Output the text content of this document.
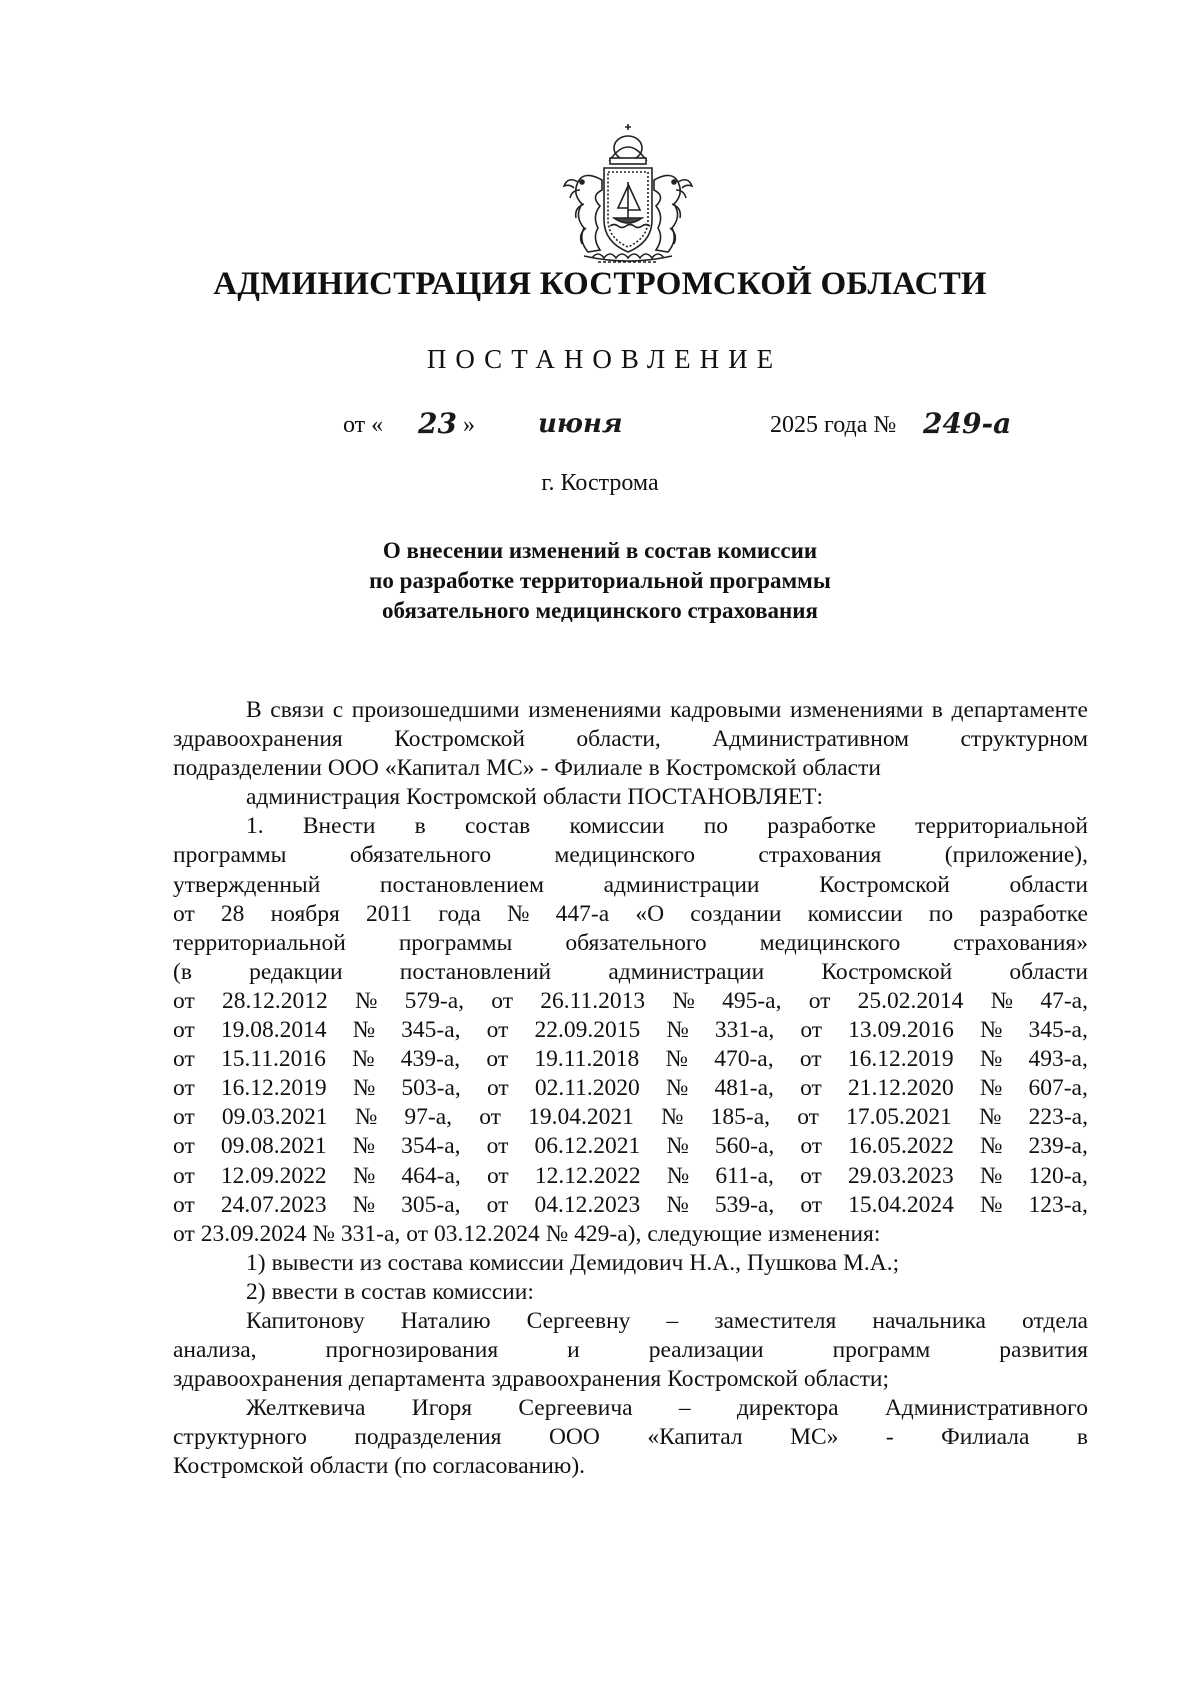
АДМИНИСТРАЦИЯ КОСТРОМСКОЙ ОБЛАСТИ
ПОСТАНОВЛЕНИЕ
от « 23 » июня	2025 года № 249-а
г. Кострома
О внесении изменений в состав комиссии
по разработке территориальной программы
обязательного медицинского страхования
В связи с произошедшими изменениями кадровыми изменениями в департаменте
здравоохранения Костромской области, Административном структурном
подразделении ООО «Капитал МС» - Филиале в Костромской области
администрация Костромской области ПОСТАНОВЛЯЕТ:
1. Внести в состав комиссии по разработке территориальной
программы	обязательного	медицинского	страхования	(приложение),
утвержденный	постановлением	администрации	Костромской	области
от 28 ноября 2011 года № 447-а «О создании комиссии по разработке
территориальной программы обязательного медицинского страхования»
(в редакции постановлений администрации Костромской области
от 28.12.2012 № 579-а, от 26.11.2013 № 495-а, от 25.02.2014 № 47-а,
от 19.08.2014 № 345-а, от 22.09.2015 № 331-а, от 13.09.2016 № 345-а,
от 15.11.2016 № 439-а, от 19.11.2018 № 470-а, от 16.12.2019 № 493-а,
от 16.12.2019 № 503-а, от 02.11.2020 № 481-а, от 21.12.2020 № 607-а,
от 09.03.2021 № 97-а, от 19.04.2021 № 185-а, от 17.05.2021 № 223-а,
от 09.08.2021 № 354-а, от 06.12.2021 № 560-а, от 16.05.2022 № 239-а,
от 12.09.2022 № 464-а, от 12.12.2022 № 611-а, от 29.03.2023 № 120-а,
от 24.07.2023 № 305-а, от 04.12.2023 № 539-а, от 15.04.2024 № 123-а,
от 23.09.2024 № 331-а, от 03.12.2024 № 429-а), следующие изменения:
1) вывести из состава комиссии Демидович Н.А., Пушкова М.А.;
2) ввести в состав комиссии:
Капитонову Наталию Сергеевну – заместителя начальника отдела
анализа,	прогнозирования	и	реализации	программ	развития
здравоохранения департамента здравоохранения Костромской области;
Желткевича Игоря Сергеевича – директора Административного
структурного подразделения ООО «Капитал МС» - Филиала в
Костромской области (по согласованию).
